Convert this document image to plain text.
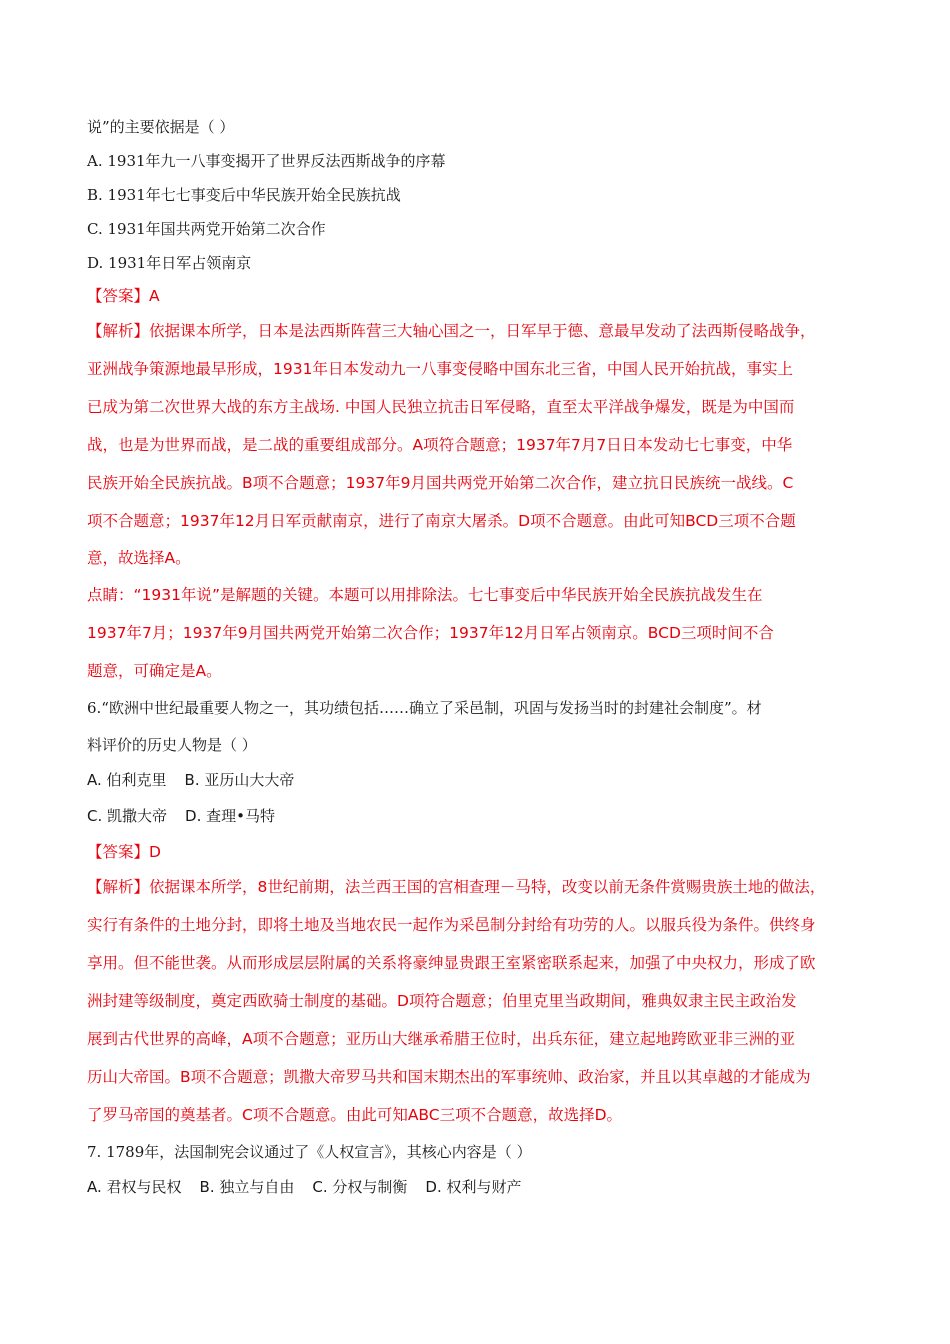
说”的主要依据是（ ）
A. 1931年九一八事变揭开了世界反法西斯战争的序幕
B. 1931年七七事变后中华民族开始全民族抗战
C. 1931年国共两党开始第二次合作
D. 1931年日军占领南京
【答案】A
【解析】依据课本所学，日本是法西斯阵营三大轴心国之一，日军早于德、意最早发动了法西斯侵略战争，
亚洲战争策源地最早形成，1931年日本发动九一八事变侵略中国东北三省，中国人民开始抗战，事实上
已成为第二次世界大战的东方主战场. 中国人民独立抗击日军侵略，直至太平洋战争爆发，既是为中国而
战，也是为世界而战，是二战的重要组成部分。A项符合题意；1937年7月7日日本发动七七事变，中华
民族开始全民族抗战。B项不合题意；1937年9月国共两党开始第二次合作，建立抗日民族统一战线。C
项不合题意；1937年12月日军贡献南京，进行了南京大屠杀。D项不合题意。由此可知BCD三项不合题
意，故选择A。
点睛：“1931年说”是解题的关键。本题可以用排除法。七七事变后中华民族开始全民族抗战发生在
1937年7月；1937年9月国共两党开始第二次合作；1937年12月日军占领南京。BCD三项时间不合
题意，可确定是A。
6.“欧洲中世纪最重要人物之一，其功绩包括……确立了采邑制，巩固与发扬当时的封建社会制度”。材
料评价的历史人物是（ ）
A. 伯利克里 B. 亚历山大大帝
C. 凯撒大帝 D. 查理•马特
【答案】D
【解析】依据课本所学，8世纪前期，法兰西王国的宫相查理－马特，改变以前无条件赏赐贵族土地的做法，
实行有条件的土地分封，即将土地及当地农民一起作为采邑制分封给有功劳的人。以服兵役为条件。供终身
享用。但不能世袭。从而形成层层附属的关系将豪绅显贵跟王室紧密联系起来，加强了中央权力，形成了欧
洲封建等级制度，奠定西欧骑士制度的基础。D项符合题意；伯里克里当政期间，雅典奴隶主民主政治发
展到古代世界的高峰，A项不合题意；亚历山大继承希腊王位时，出兵东征，建立起地跨欧亚非三洲的亚
历山大帝国。B项不合题意；凯撒大帝罗马共和国末期杰出的军事统帅、政治家，并且以其卓越的才能成为
了罗马帝国的奠基者。C项不合题意。由此可知ABC三项不合题意，故选择D。
7. 1789年，法国制宪会议通过了《人权宣言》，其核心内容是（ ）
A. 君权与民权 B. 独立与自由 C. 分权与制衡 D. 权利与财产
